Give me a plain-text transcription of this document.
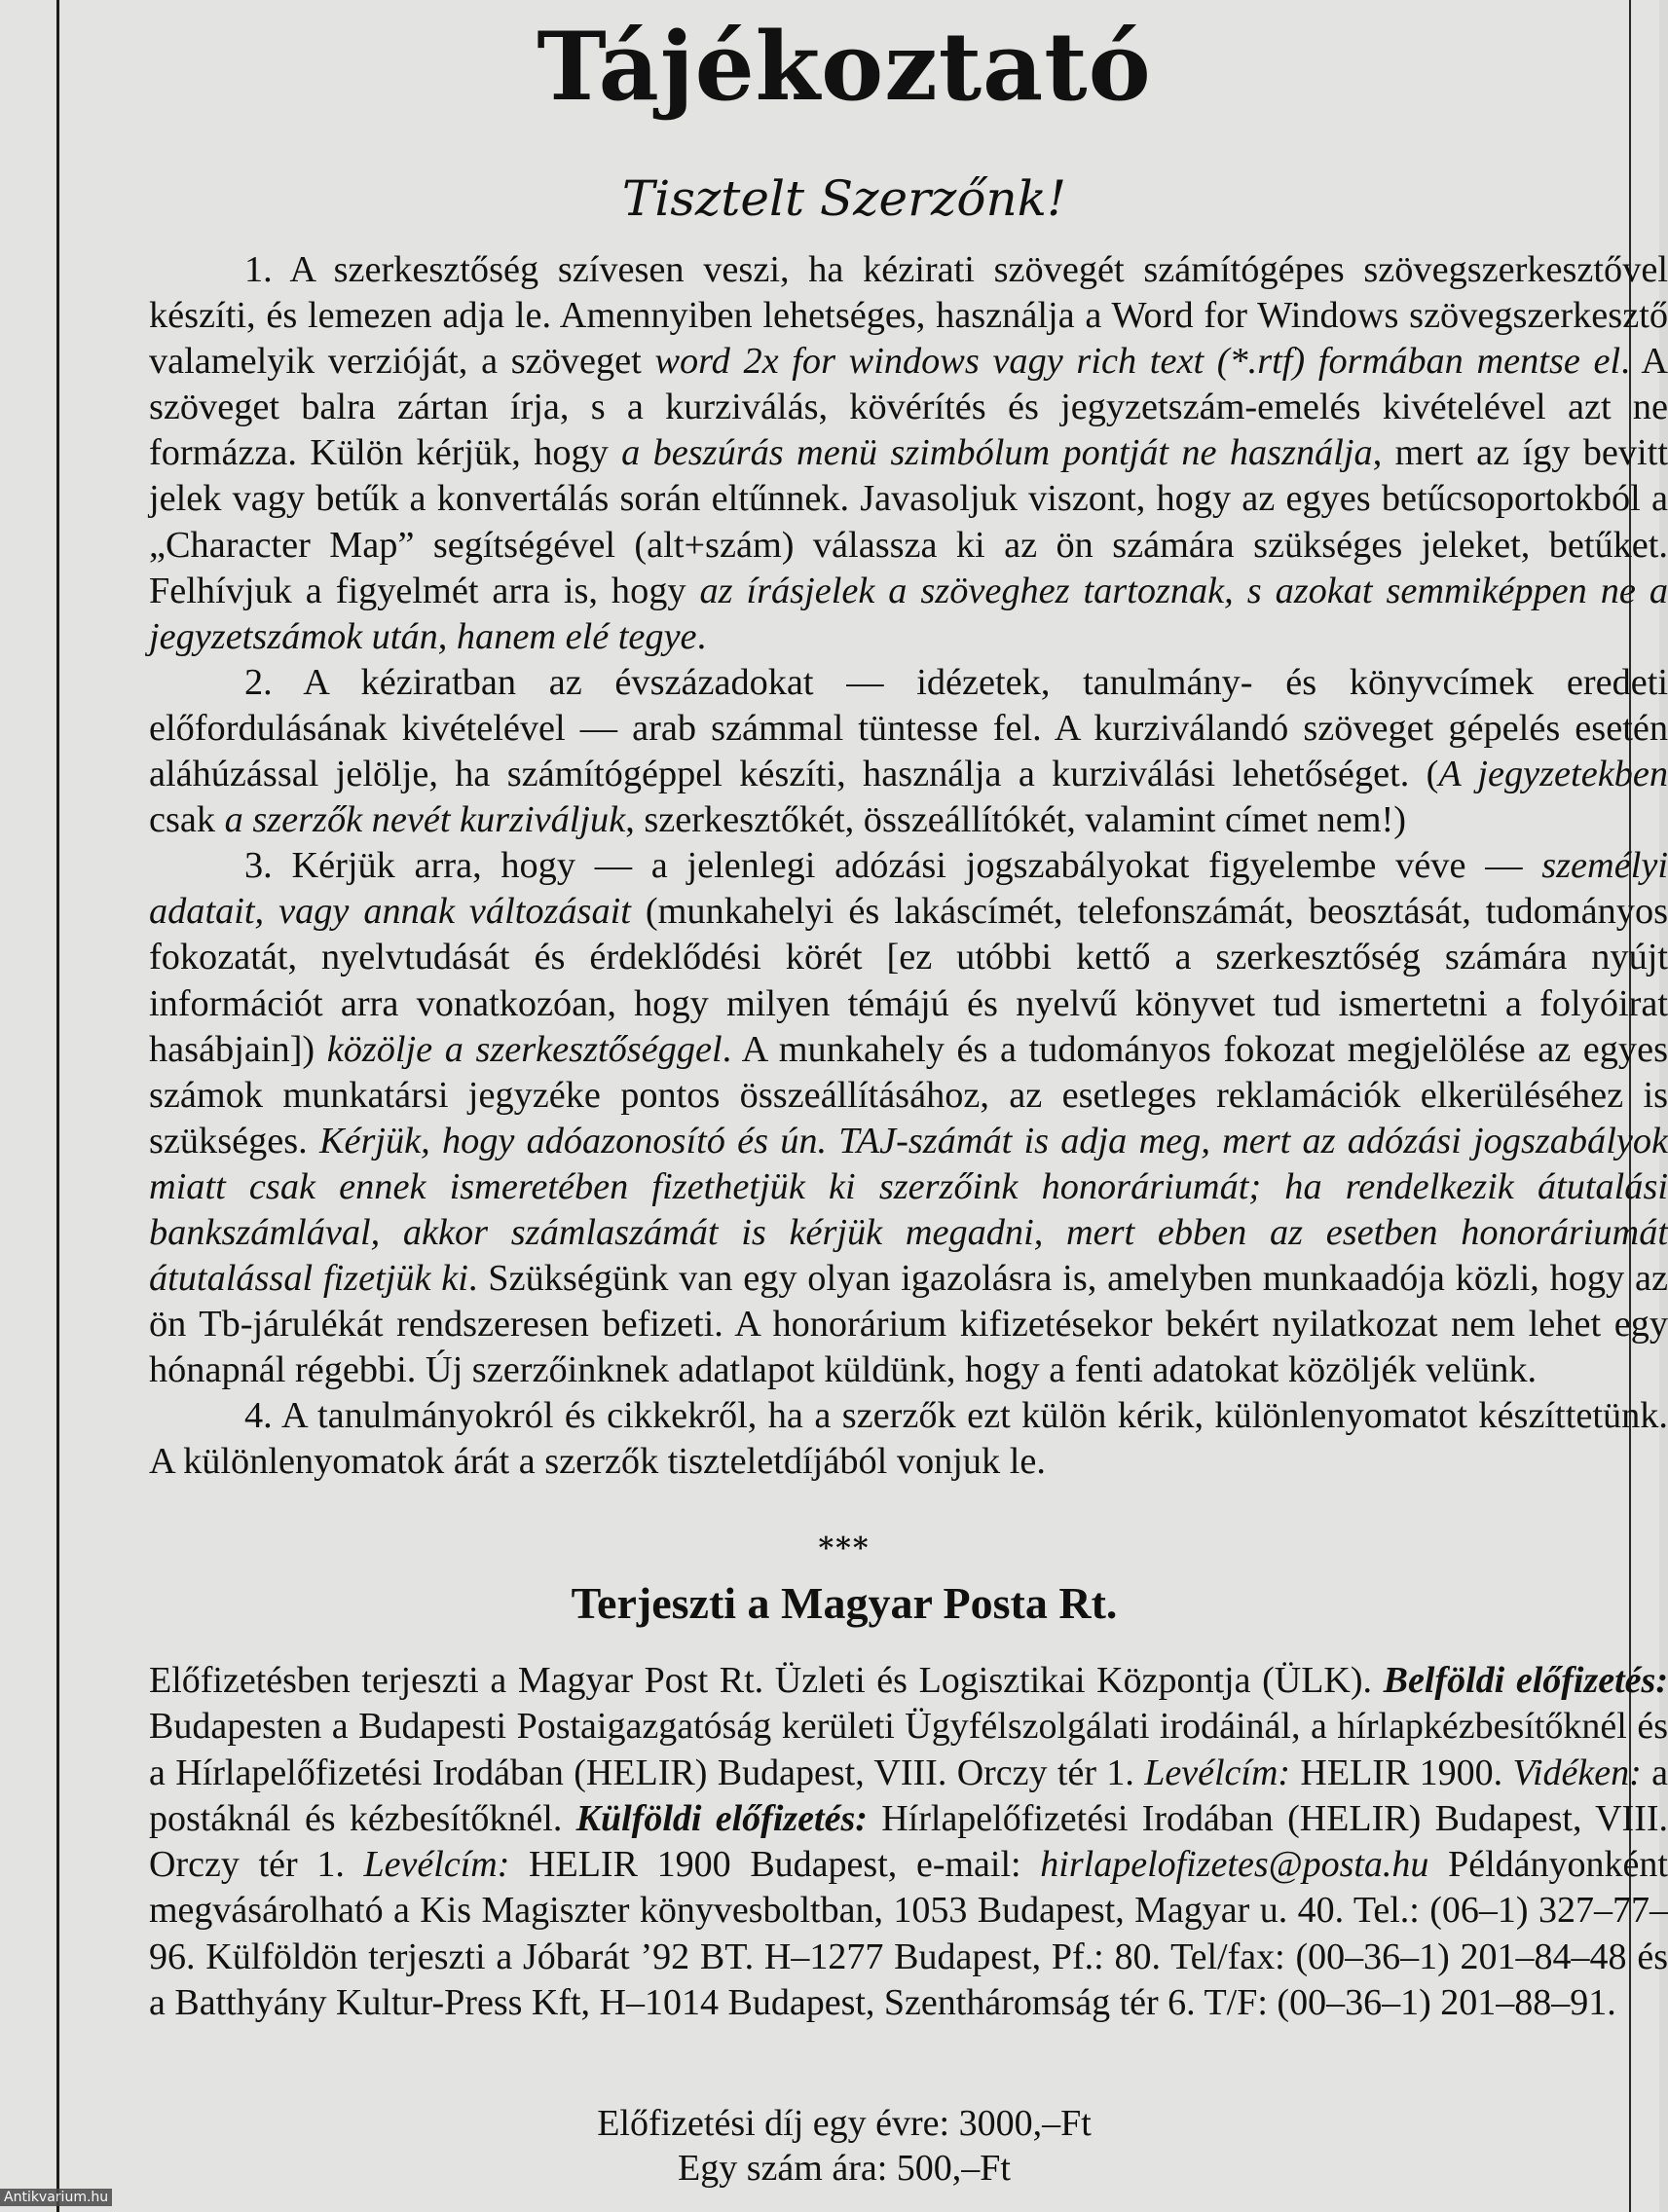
Tájékoztató
Tisztelt Szerzőnk!

1. A szerkesztőség szívesen veszi, ha kézirati szövegét számítógépes szövegszerkesztővel készíti, és lemezen adja le. Amennyiben lehetséges, használja a Word for Windows szövegszerkesztő valamelyik verzióját, a szöveget word 2x for windows vagy rich text (*.rtf) formában mentse el. A szöveget balra zártan írja, s a kurziválás, kövérítés és jegyzetszám-emelés kivételével azt ne formázza. Külön kérjük, hogy a beszúrás menü szimbólum pontját ne használja, mert az így bevitt jelek vagy betűk a konvertálás során eltűnnek. Javasoljuk viszont, hogy az egyes betűcsoportokból a „Character Map” segítségével (alt+szám) válassza ki az ön számára szükséges jeleket, betűket. Felhívjuk a figyelmét arra is, hogy az írásjelek a szöveghez tartoznak, s azokat semmiképpen ne a jegyzetszámok után, hanem elé tegye.

2. A kéziratban az évszázadokat — idézetek, tanulmány- és könyvcímek eredeti előfordulásának kivételével — arab számmal tüntesse fel. A kurziválandó szöveget gépelés esetén aláhúzással jelölje, ha számítógéppel készíti, használja a kurziválási lehetőséget. (A jegyzetekben csak a szerzők nevét kurziváljuk, szerkesztőkét, összeállítókét, valamint címet nem!)

3. Kérjük arra, hogy — a jelenlegi adózási jogszabályokat figyelembe véve — személyi adatait, vagy annak változásait (munkahelyi és lakáscímét, telefonszámát, beosztását, tudományos fokozatát, nyelvtudását és érdeklődési körét [ez utóbbi kettő a szerkesztőség számára nyújt információt arra vonatkozóan, hogy milyen témájú és nyelvű könyvet tud ismertetni a folyóirat hasábjain]) közölje a szerkesztőséggel. A munkahely és a tudományos fokozat megjelölése az egyes számok munkatársi jegyzéke pontos összeállításához, az esetleges reklamációk elkerüléséhez is szükséges. Kérjük, hogy adóazonosító és ún. TAJ-számát is adja meg, mert az adózási jogszabályok miatt csak ennek ismeretében fizethetjük ki szerzőink honoráriumát; ha rendelkezik átutalási bankszámlával, akkor számlaszámát is kérjük megadni, mert ebben az esetben honoráriumát átutalással fizetjük ki. Szükségünk van egy olyan igazolásra is, amelyben munkaadója közli, hogy az ön Tb-járulékát rendszeresen befizeti. A honorárium kifizetésekor bekért nyilatkozat nem lehet egy hónapnál régebbi. Új szerzőinknek adatlapot küldünk, hogy a fenti adatokat közöljék velünk.

4. A tanulmányokról és cikkekről, ha a szerzők ezt külön kérik, különlenyomatot készíttetünk. A különlenyomatok árát a szerzők tiszteletdíjából vonjuk le.

***
Terjeszti a Magyar Posta Rt.

Előfizetésben terjeszti a Magyar Post Rt. Üzleti és Logisztikai Központja (ÜLK). Belföldi előfizetés: Budapesten a Budapesti Postaigazgatóság kerületi Ügyfélszolgálati irodáinál, a hírlapkézbesítőknél és a Hírlapelőfizetési Irodában (HELIR) Budapest, VIII. Orczy tér 1. Levélcím: HELIR 1900. Vidéken: a postáknál és kézbesítőknél. Külföldi előfizetés: Hírlapelőfizetési Irodában (HELIR) Budapest, VIII. Orczy tér 1. Levélcím: HELIR 1900 Budapest, e-mail: hirlapelofizetes@posta.hu Példányonként megvásárolható a Kis Magiszter könyvesboltban, 1053 Budapest, Magyar u. 40. Tel.: (06–1) 327–77–96. Külföldön terjeszti a Jóbarát ’92 BT. H–1277 Budapest, Pf.: 80. Tel/fax: (00–36–1) 201–84–48 és a Batthyány Kultur-Press Kft, H–1014 Budapest, Szentháromság tér 6. T/F: (00–36–1) 201–88–91.

Előfizetési díj egy évre: 3000,–Ft
Egy szám ára: 500,–Ft
Antikvarium.hu
